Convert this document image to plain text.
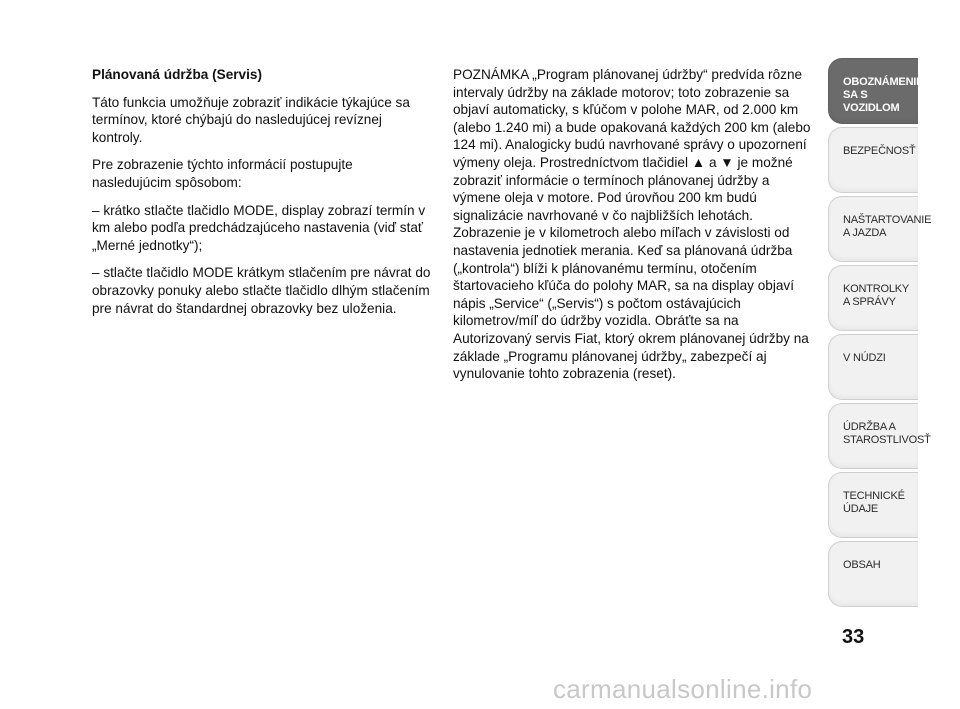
Plánovaná údržba (Servis)

Táto funkcia umožňuje zobraziť indikácie týkajúce sa termínov, ktoré chýbajú do nasledujúcej revíznej kontroly.

Pre zobrazenie týchto informácií postupujte nasledujúcim spôsobom:

– krátko stlačte tlačidlo MODE, display zobrazí termín v km alebo podľa predchádzajúceho nastavenia (viď stať „Merné jednotky“);

– stlačte tlačidlo MODE krátkym stlačením pre návrat do obrazovky ponuky alebo stlačte tlačidlo dlhým stlačením pre návrat do štandardnej obrazovky bez uloženia.

POZNÁMKA „Program plánovanej údržby“ predvída rôzne intervaly údržby na základe motorov; toto zobrazenie sa objaví automaticky, s kľúčom v polohe MAR, od 2.000 km (alebo 1.240 mi) a bude opakovaná každých 200 km (alebo 124 mi). Analogicky budú navrhované správy o upozornení výmeny oleja. Prostredníctvom tlačidiel ▲ a ▼ je možné zobraziť informácie o termínoch plánovanej údržby a výmene oleja v motore. Pod úrovňou 200 km budú signalizácie navrhované v čo najbližších lehotách. Zobrazenie je v kilometroch alebo míľach v závislosti od nastavenia jednotiek merania. Keď sa plánovaná údržba („kontrola“) blíži k plánovanému termínu, otočením štartovacieho kľúča do polohy MAR, sa na display objaví nápis „Service“ („Servis“) s počtom ostávajúcich kilometrov/míľ do údržby vozidla. Obráťte sa na Autorizovaný servis Fiat, ktorý okrem plánovanej údržby na základe „Programu plánovanej údržby„ zabezpečí aj vynulovanie tohto zobrazenia (reset).

OBOZNÁMENIE
SA S VOZIDLOM
BEZPEČNOSŤ
NAŠTARTOVANIE
A JAZDA
KONTROLKY
A SPRÁVY
V NÚDZI
ÚDRŽBA A
STAROSTLIVOSŤ
TECHNICKÉ
ÚDAJE
OBSAH
33
carmanualsonline.info
